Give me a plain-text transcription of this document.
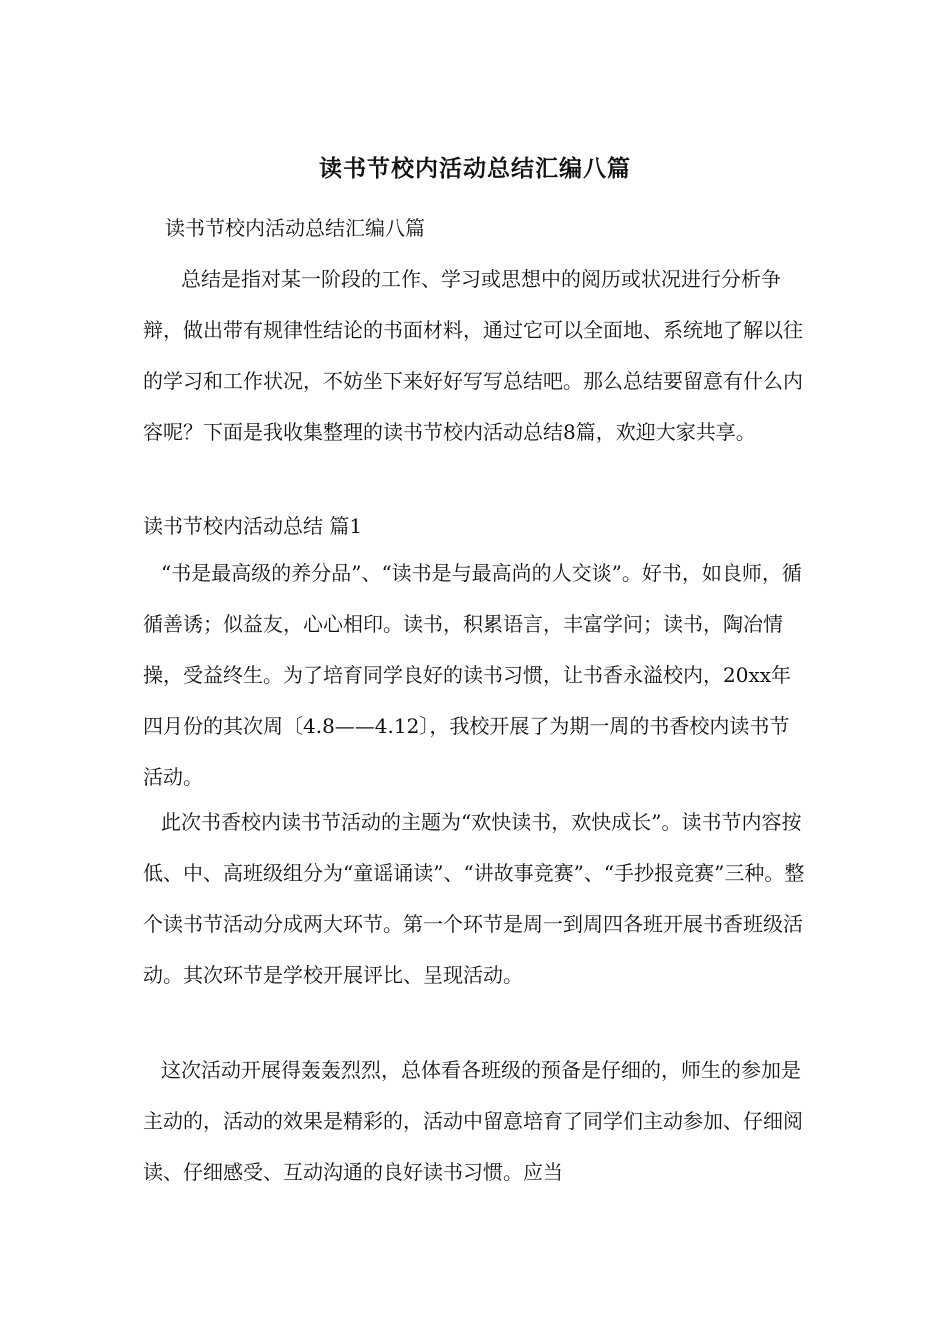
读书节校内活动总结汇编八篇

读书节校内活动总结汇编八篇

总结是指对某一阶段的工作、学习或思想中的阅历或状况进行分析争辩，做出带有规律性结论的书面材料，通过它可以全面地、系统地了解以往的学习和工作状况，不妨坐下来好好写写总结吧。那么总结要留意有什么内容呢？下面是我收集整理的读书节校内活动总结8篇，欢迎大家共享。

读书节校内活动总结 篇1

“书是最高级的养分品”、“读书是与最高尚的人交谈”。好书，如良师，循循善诱；似益友，心心相印。读书，积累语言，丰富学问；读书，陶冶情操，受益终生。为了培育同学良好的读书习惯，让书香永溢校内，20xx年四月份的其次周〔4.8——4.12〕，我校开展了为期一周的书香校内读书节活动。

此次书香校内读书节活动的主题为“欢快读书，欢快成长”。读书节内容按低、中、高班级组分为“童谣诵读”、“讲故事竞赛”、“手抄报竞赛”三种。整个读书节活动分成两大环节。第一个环节是周一到周四各班开展书香班级活动。其次环节是学校开展评比、呈现活动。

这次活动开展得轰轰烈烈，总体看各班级的预备是仔细的，师生的参加是主动的，活动的效果是精彩的，活动中留意培育了同学们主动参加、仔细阅读、仔细感受、互动沟通的良好读书习惯。应当
